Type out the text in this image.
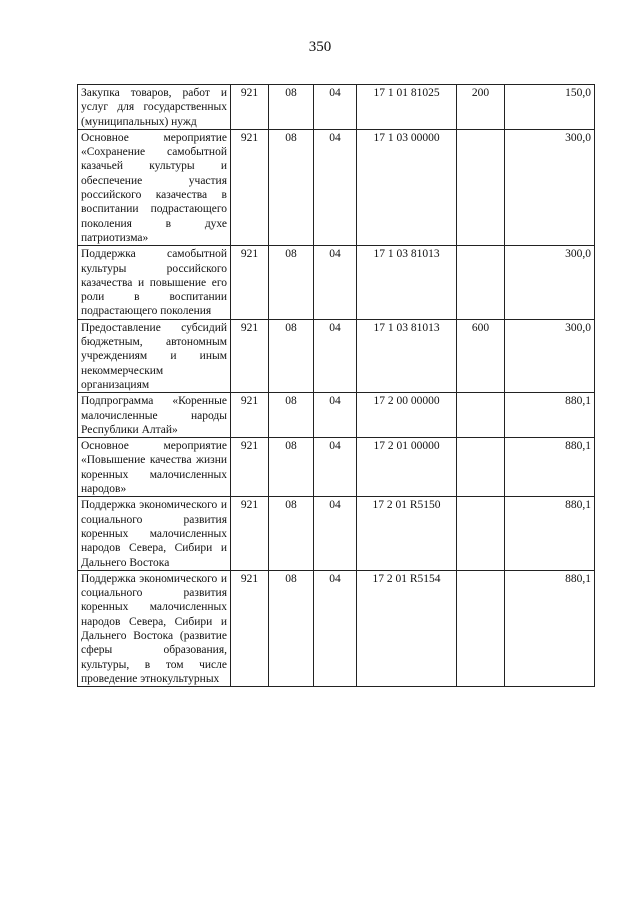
350
Закупка товаров, работ и услуг для государственных (муниципальных) нужд	921	08	04	17 1 01 81025	200	150,0
Основное мероприятие «Сохранение самобытной казачьей культуры и обеспечение участия российского казачества в воспитании подрастающего поколения в духе патриотизма»	921	08	04	17 1 03 00000		300,0
Поддержка самобытной культуры российского казачества и повышение его роли в воспитании подрастающего поколения	921	08	04	17 1 03 81013		300,0
Предоставление субсидий бюджетным, автономным учреждениям и иным некоммерческим организациям	921	08	04	17 1 03 81013	600	300,0
Подпрограмма «Коренные малочисленные народы Республики Алтай»	921	08	04	17 2 00 00000		880,1
Основное мероприятие «Повышение качества жизни коренных малочисленных народов»	921	08	04	17 2 01 00000		880,1
Поддержка экономического и социального развития коренных малочисленных народов Севера, Сибири и Дальнего Востока	921	08	04	17 2 01 R5150		880,1
Поддержка экономического и социального развития коренных малочисленных народов Севера, Сибири и Дальнего Востока (развитие сферы образования, культуры, в том числе проведение этнокультурных	921	08	04	17 2 01 R5154		880,1
